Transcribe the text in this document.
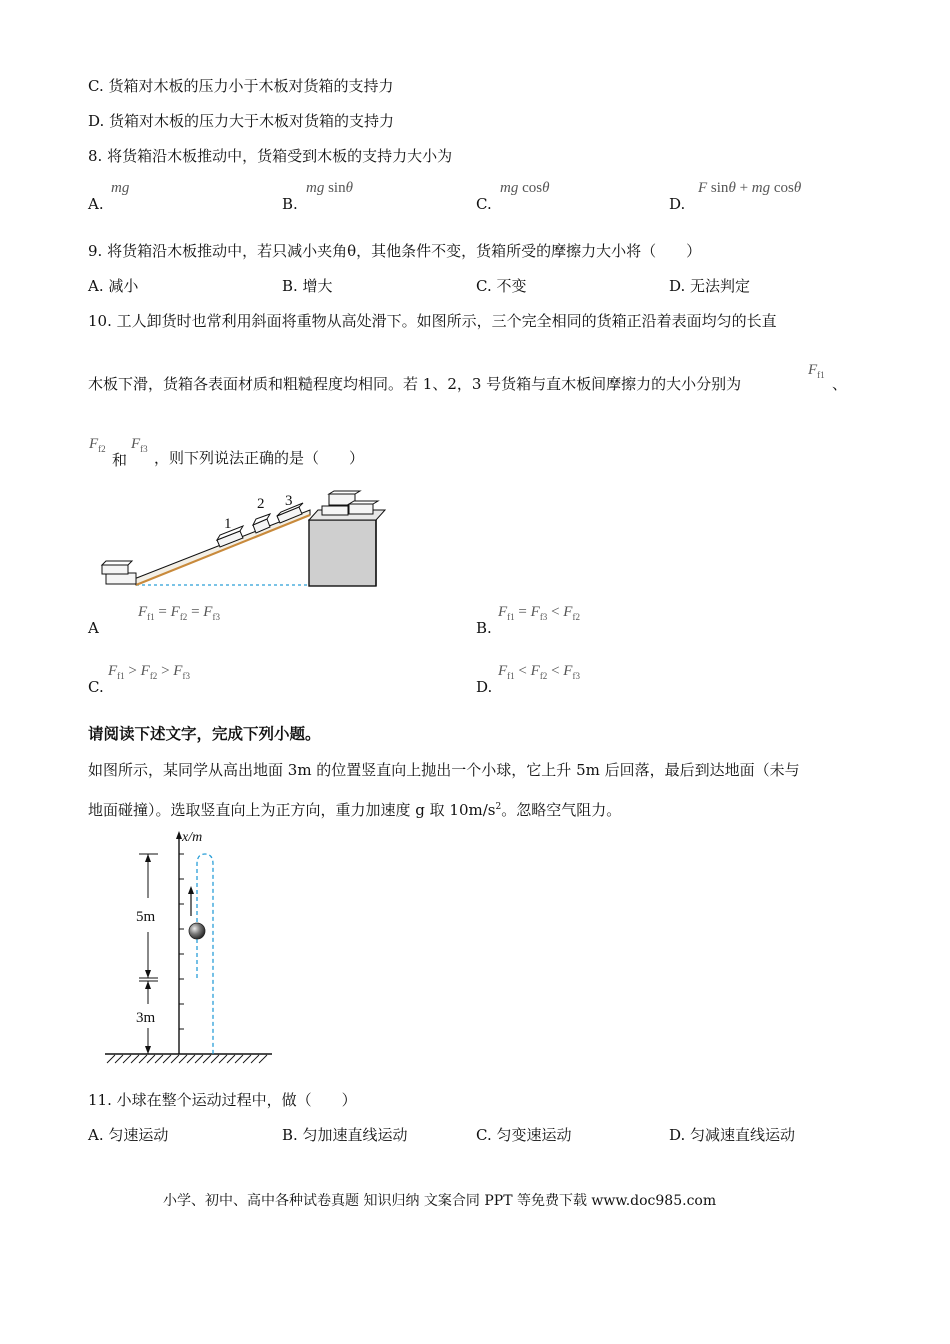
C. 货箱对木板的压力小于木板对货箱的支持力
D. 货箱对木板的压力大于木板对货箱的支持力
8. 将货箱沿木板推动中，货箱受到木板的支持力大小为
A.
mg
B.
mg sinθ
C.
mg cosθ
D.
F sinθ + mg cosθ
9. 将货箱沿木板推动中，若只减小夹角θ，其他条件不变，货箱所受的摩擦力大小将（　　）
A. 减小	B. 增大	C. 不变	D. 无法判定
10. 工人卸货时也常利用斜面将重物从高处滑下。如图所示，三个完全相同的货箱正沿着表面均匀的长直
木板下滑，货箱各表面材质和粗糙程度均相同。若 1、2，3 号货箱与直木板间摩擦力的大小分别为
$F_{f1}$ 、
$F_{f2}$
和
$F_{f3}$ ，则下列说法正确的是（　　）
1
2 3
A
$F_{f1} = F_{f2} = F_{f3}$
B.
$F_{f1} = F_{f3} < F_{f2}$
C.
$F_{f1} > F_{f2} > F_{f3}$
D.
$F_{f1} < F_{f2} < F_{f3}$
请阅读下述文字，完成下列小题。
如图所示，某同学从高出地面 3m 的位置竖直向上抛出一个小球，它上升 5m 后回落，最后到达地面（未与
地面碰撞）。选取竖直向上为正方向，重力加速度 g 取 $10m/s^2$。忽略空气阻力。
x/m
5m
3m
11. 小球在整个运动过程中，做（　　）
A. 匀速运动	B. 匀加速直线运动	C. 匀变速运动	D. 匀减速直线运动
小学、初中、高中各种试卷真题 知识归纳 文案合同 PPT 等免费下载 www.doc985.com
